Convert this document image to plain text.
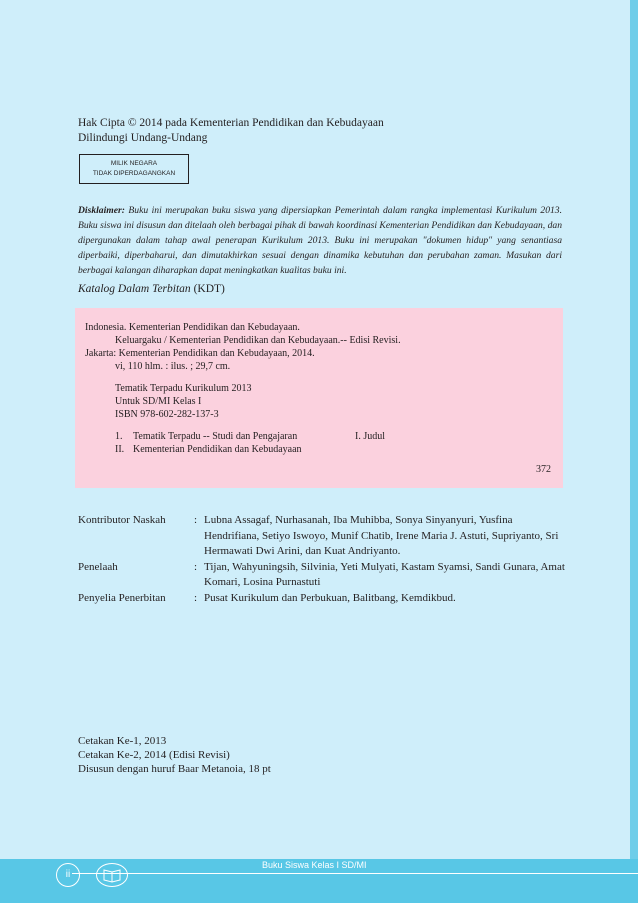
Hak Cipta © 2014 pada Kementerian Pendidikan dan Kebudayaan
Dilindungi Undang-Undang
MILIK NEGARA
TIDAK DIPERDAGANGKAN
Disklaimer: Buku ini merupakan buku siswa yang dipersiapkan Pemerintah dalam rangka implementasi Kurikulum 2013. Buku siswa ini disusun dan ditelaah oleh berbagai pihak di bawah koordinasi Kementerian Pendidikan dan Kebudayaan, dan dipergunakan dalam tahap awal penerapan Kurikulum 2013. Buku ini merupakan "dokumen hidup" yang senantiasa diperbaiki, diperbaharui, dan dimutakhirkan sesuai dengan dinamika kebutuhan dan perubahan zaman. Masukan dari berbagai kalangan diharapkan dapat meningkatkan kualitas buku ini.
Katalog Dalam Terbitan (KDT)
Indonesia. Kementerian Pendidikan dan Kebudayaan.
Keluargaku / Kementerian Pendidikan dan Kebudayaan.-- Edisi Revisi.
Jakarta: Kementerian Pendidikan dan Kebudayaan, 2014.
vi, 110 hlm. : ilus. ; 29,7 cm.
Tematik Terpadu Kurikulum 2013
Untuk SD/MI Kelas I
ISBN 978-602-282-137-3
1. Tematik Terpadu -- Studi dan Pengajaran	I. Judul
II. Kementerian Pendidikan dan Kebudayaan
372
Kontributor Naskah	: Lubna Assagaf, Nurhasanah, Iba Muhibba, Sonya Sinyanyuri, Yusfina Hendrifiana, Setiyo Iswoyo, Munif Chatib, Irene Maria J. Astuti, Supriyanto, Sri Hermawati Dwi Arini, dan Kuat Andriyanto.
Penelaah	: Tijan, Wahyuningsih, Silvinia, Yeti Mulyati, Kastam Syamsi, Sandi Gunara, Amat Komari, Losina Purnastuti
Penyelia Penerbitan	: Pusat Kurikulum dan Perbukuan, Balitbang, Kemdikbud.
Cetakan Ke-1, 2013
Cetakan Ke-2, 2014 (Edisi Revisi)
Disusun dengan huruf Baar Metanoia, 18 pt
ii
Buku Siswa Kelas I SD/MI
